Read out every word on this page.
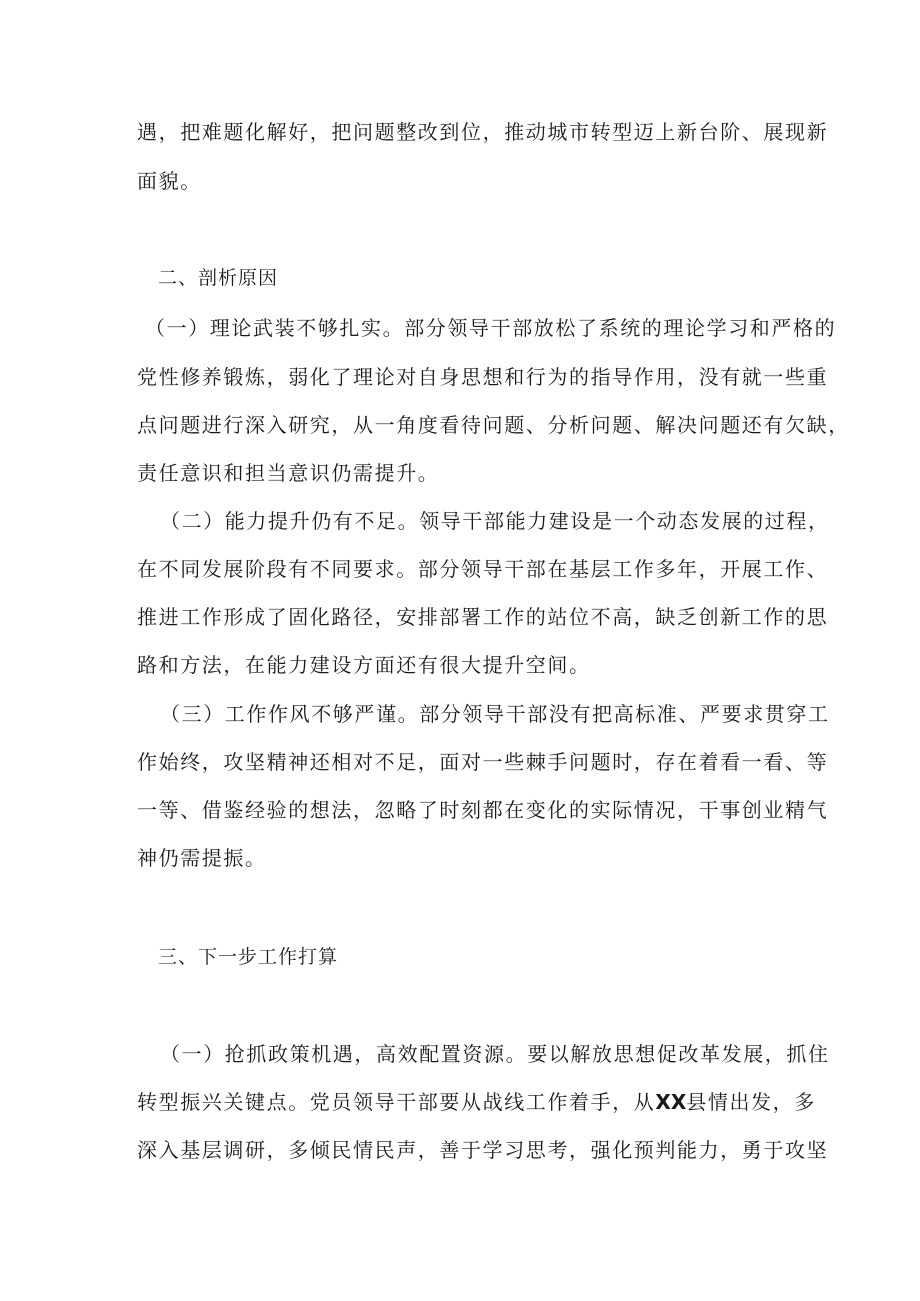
遇，把难题化解好，把问题整改到位，推动城市转型迈上新台阶、展现新
面貌。
二、剖析原因
（一）理论武装不够扎实。部分领导干部放松了系统的理论学习和严格的
党性修养锻炼，弱化了理论对自身思想和行为的指导作用，没有就一些重
点问题进行深入研究，从一角度看待问题、分析问题、解决问题还有欠缺，
责任意识和担当意识仍需提升。
（二）能力提升仍有不足。领导干部能力建设是一个动态发展的过程，
在不同发展阶段有不同要求。部分领导干部在基层工作多年，开展工作、
推进工作形成了固化路径，安排部署工作的站位不高，缺乏创新工作的思
路和方法，在能力建设方面还有很大提升空间。
（三）工作作风不够严谨。部分领导干部没有把高标准、严要求贯穿工
作始终，攻坚精神还相对不足，面对一些棘手问题时，存在着看一看、等
一等、借鉴经验的想法，忽略了时刻都在变化的实际情况，干事创业精气
神仍需提振。
三、下一步工作打算
（一）抢抓政策机遇，高效配置资源。要以解放思想促改革发展，抓住
转型振兴关键点。党员领导干部要从战线工作着手，从XX县情出发，多
深入基层调研，多倾民情民声，善于学习思考，强化预判能力，勇于攻坚
